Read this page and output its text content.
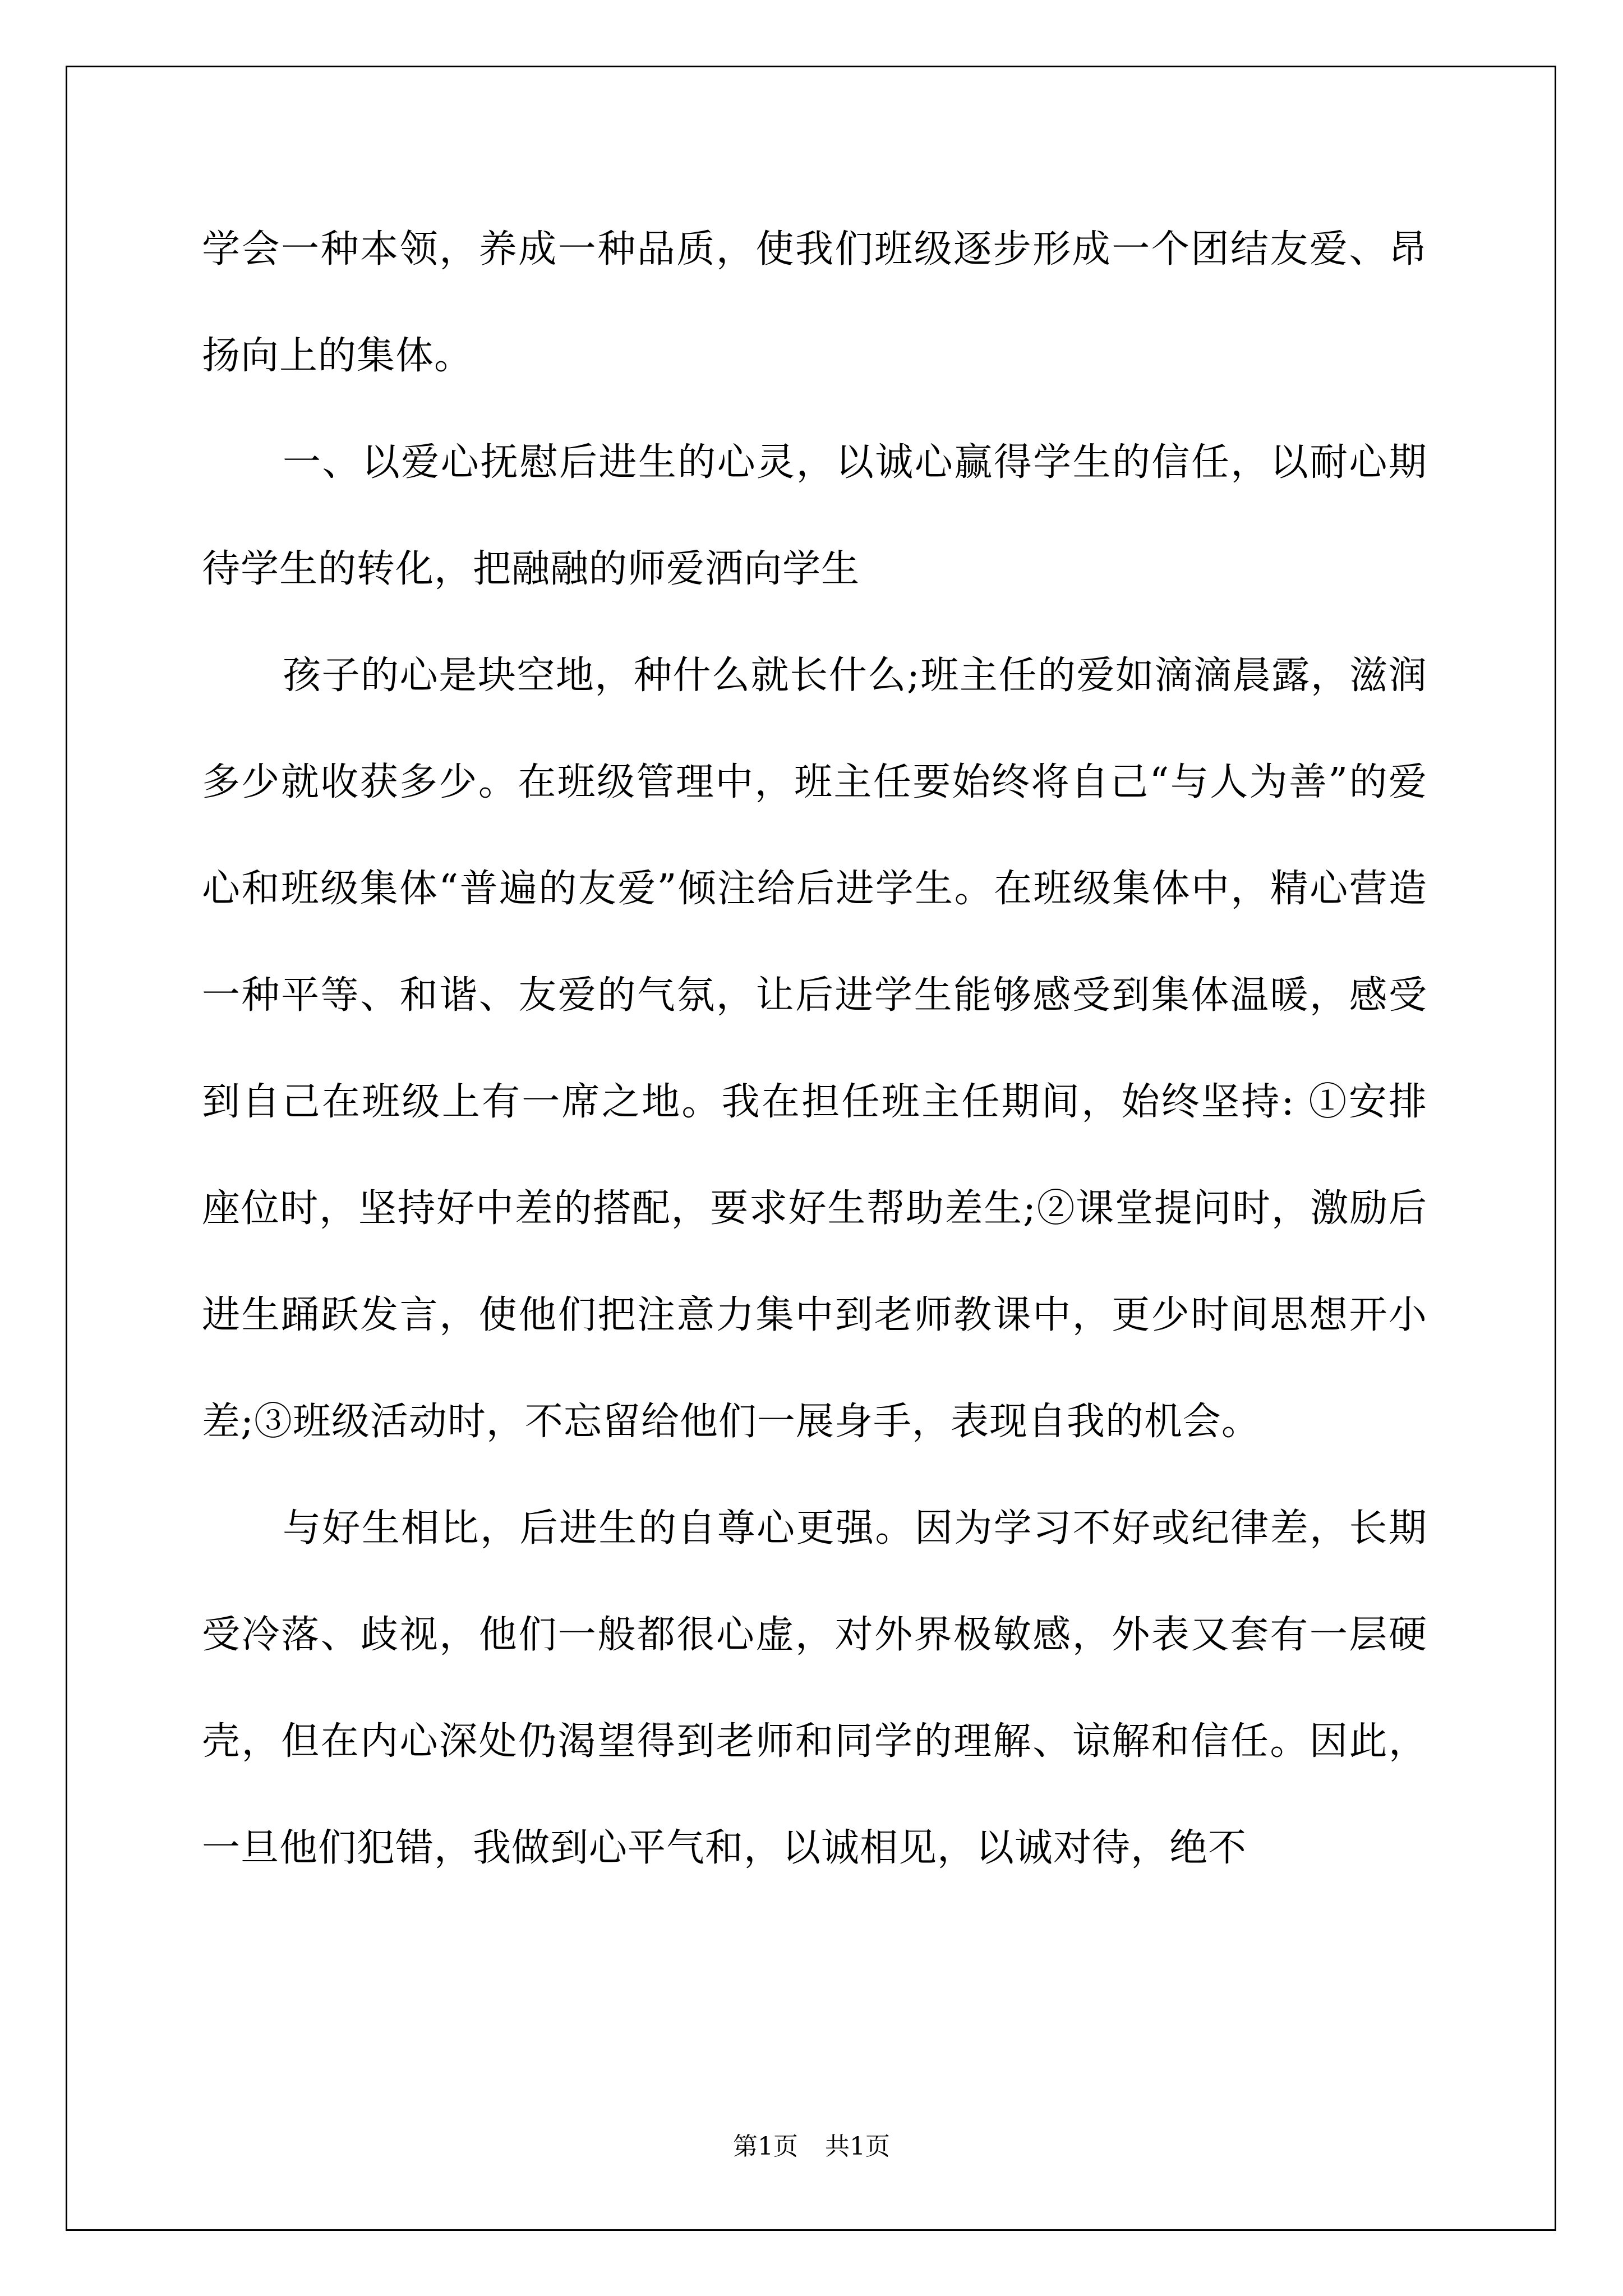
学会一种本领，养成一种品质，使我们班级逐步形成一个团结友爱、昂扬向上的集体。

一、以爱心抚慰后进生的心灵，以诚心赢得学生的信任，以耐心期待学生的转化，把融融的师爱洒向学生

孩子的心是块空地，种什么就长什么;班主任的爱如滴滴晨露，滋润多少就收获多少。在班级管理中，班主任要始终将自己“与人为善”的爱心和班级集体“普遍的友爱”倾注给后进学生。在班级集体中，精心营造一种平等、和谐、友爱的气氛，让后进学生能够感受到集体温暖，感受到自己在班级上有一席之地。我在担任班主任期间，始终坚持: ①安排座位时，坚持好中差的搭配，要求好生帮助差生;②课堂提问时，激励后进生踊跃发言，使他们把注意力集中到老师教课中，更少时间思想开小差;③班级活动时，不忘留给他们一展身手，表现自我的机会。

与好生相比，后进生的自尊心更强。因为学习不好或纪律差，长期受冷落、歧视，他们一般都很心虚，对外界极敏感，外表又套有一层硬壳，但在内心深处仍渴望得到老师和同学的理解、谅解和信任。因此，一旦他们犯错，我做到心平气和，以诚相见，以诚对待，绝不

第1页 共1页
